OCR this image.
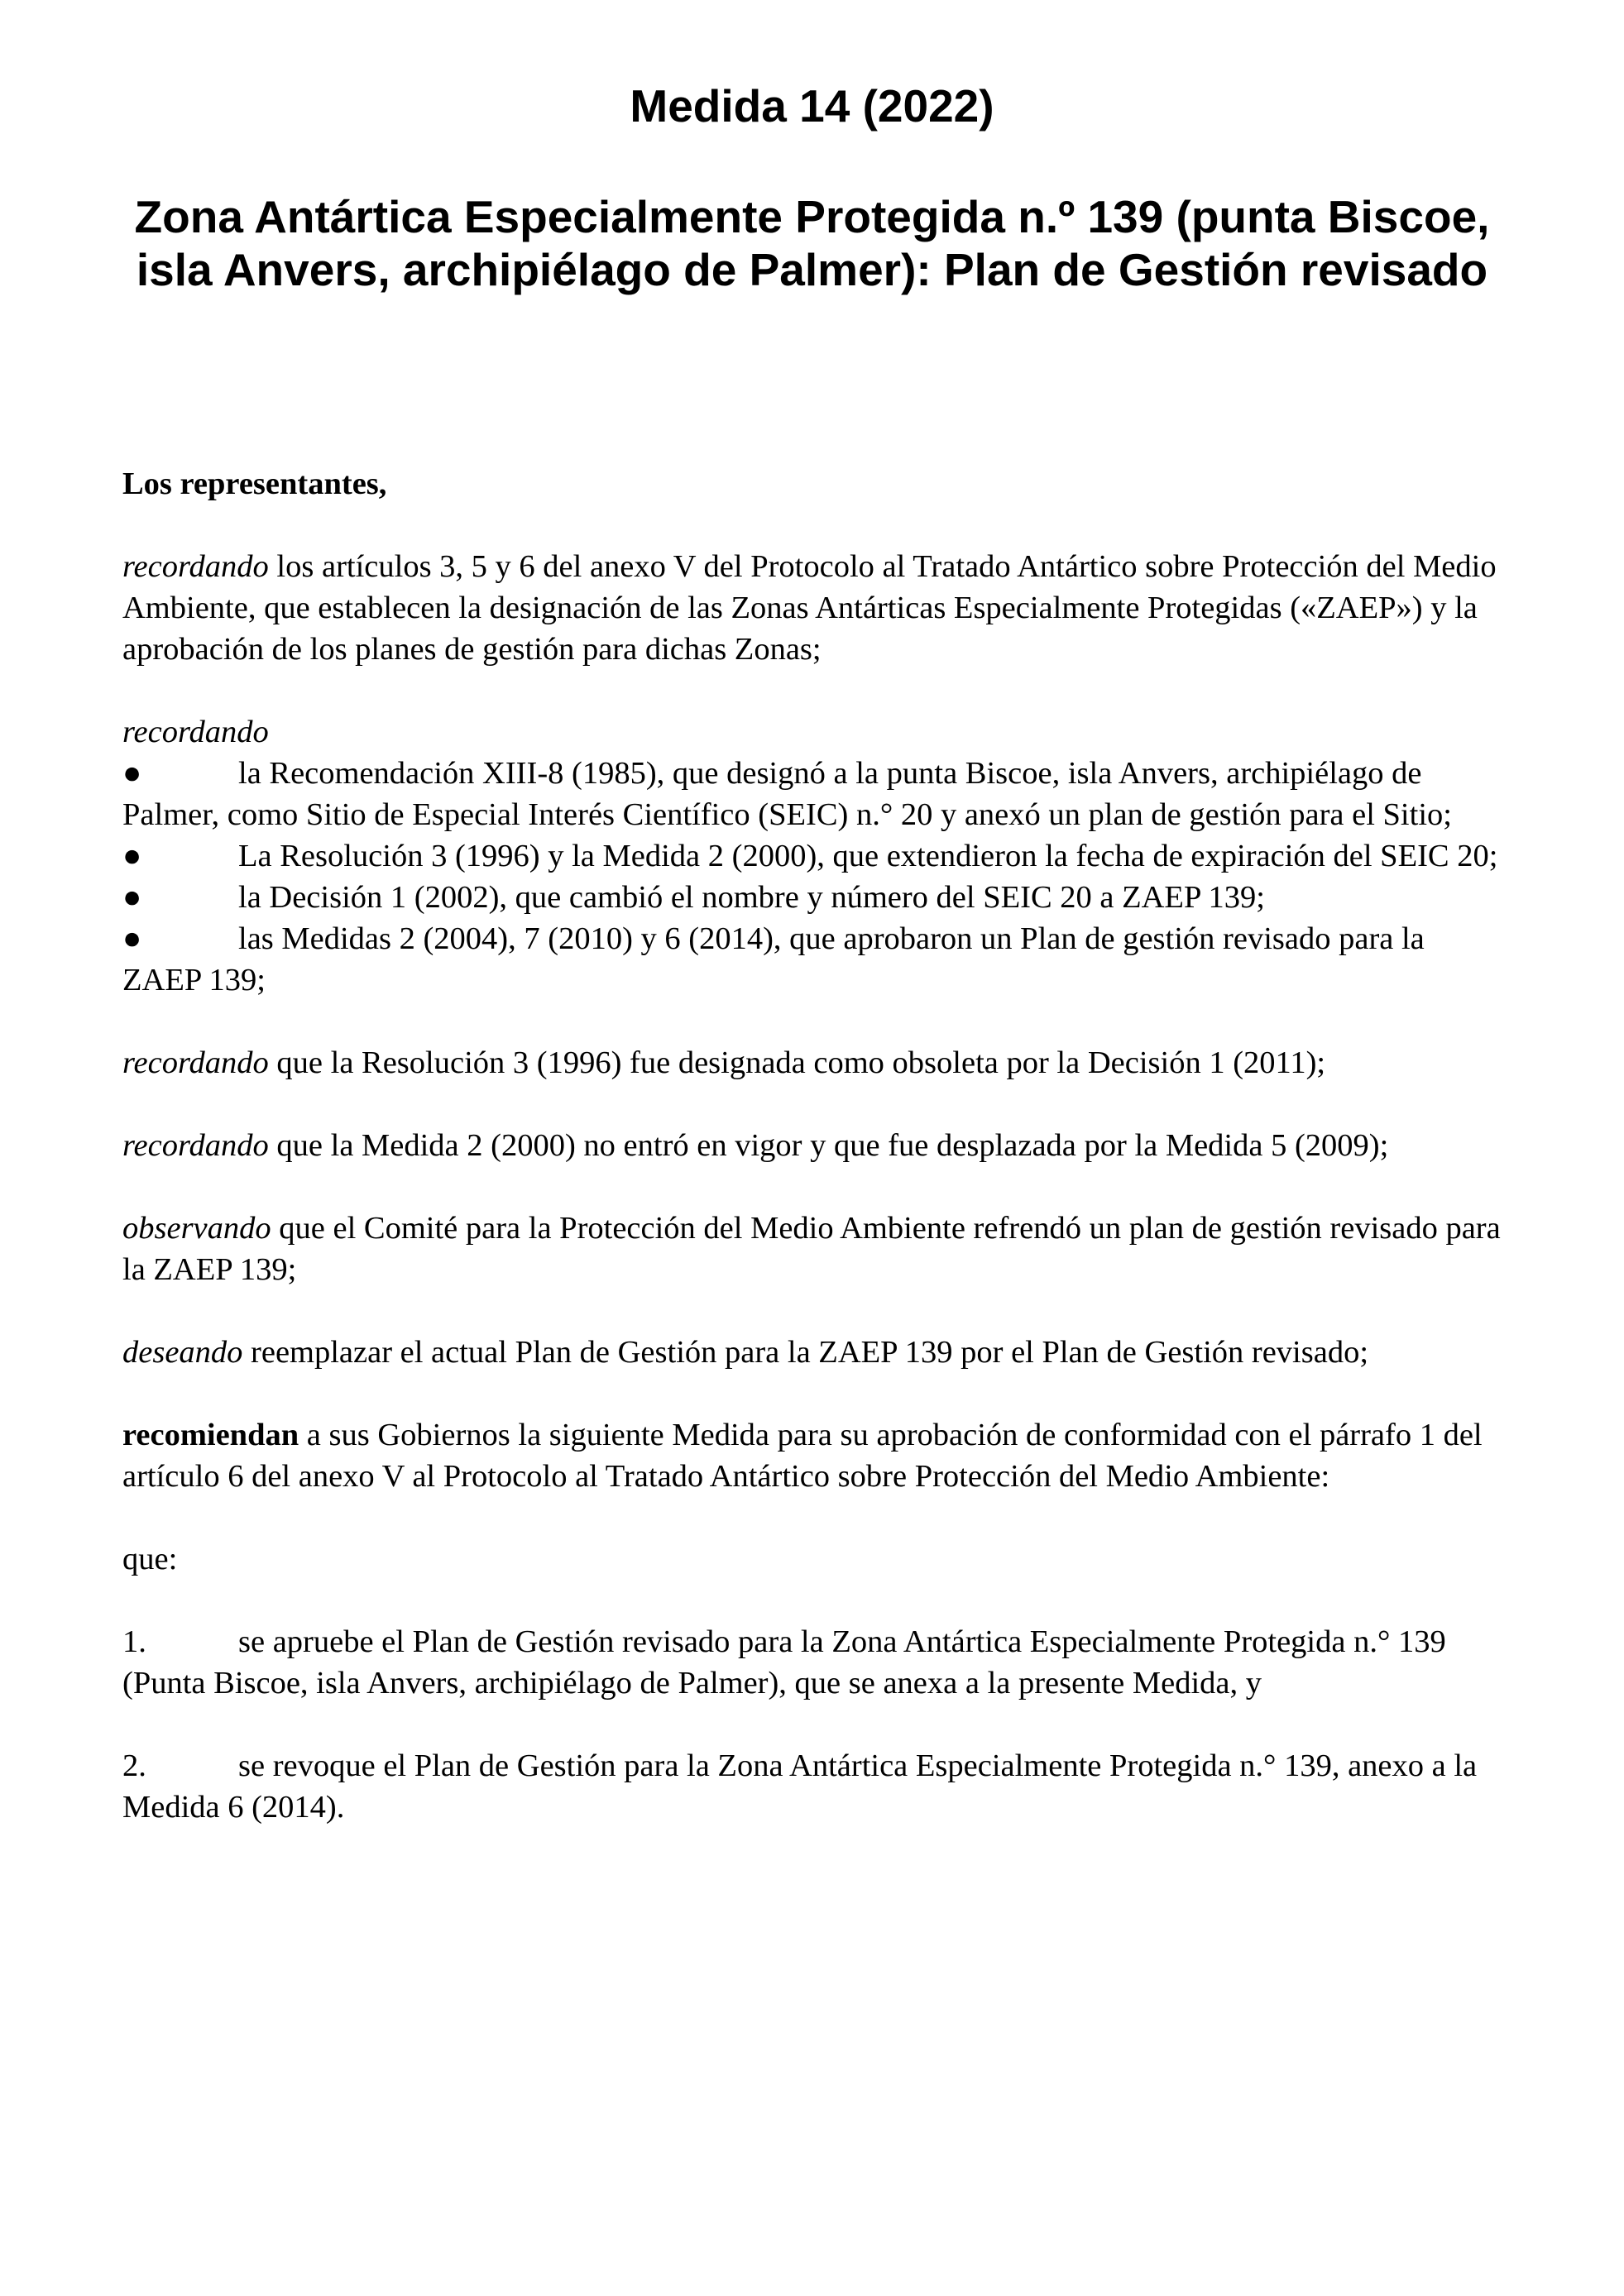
Medida 14 (2022)
Zona Antártica Especialmente Protegida n.º 139 (punta Biscoe, isla Anvers, archipiélago de Palmer): Plan de Gestión revisado

Los representantes,

recordando los artículos 3, 5 y 6 del anexo V del Protocolo al Tratado Antártico sobre Protección del Medio Ambiente, que establecen la designación de las Zonas Antárticas Especialmente Protegidas («ZAEP») y la aprobación de los planes de gestión para dichas Zonas;

recordando
●	la Recomendación XIII-8 (1985), que designó a la punta Biscoe, isla Anvers, archipiélago de Palmer, como Sitio de Especial Interés Científico (SEIC) n.° 20 y anexó un plan de gestión para el Sitio;
●	La Resolución 3 (1996) y la Medida 2 (2000), que extendieron la fecha de expiración del SEIC 20;
●	la Decisión 1 (2002), que cambió el nombre y número del SEIC 20 a ZAEP 139;
●	las Medidas 2 (2004), 7 (2010) y 6 (2014), que aprobaron un Plan de gestión revisado para la ZAEP 139;

recordando que la Resolución 3 (1996) fue designada como obsoleta por la Decisión 1 (2011);

recordando que la Medida 2 (2000) no entró en vigor y que fue desplazada por la Medida 5 (2009);

observando que el Comité para la Protección del Medio Ambiente refrendó un plan de gestión revisado para la ZAEP 139;

deseando reemplazar el actual Plan de Gestión para la ZAEP 139 por el Plan de Gestión revisado;

recomiendan a sus Gobiernos la siguiente Medida para su aprobación de conformidad con el párrafo 1 del artículo 6 del anexo V al Protocolo al Tratado Antártico sobre Protección del Medio Ambiente:

que:

1.	se apruebe el Plan de Gestión revisado para la Zona Antártica Especialmente Protegida n.° 139 (Punta Biscoe, isla Anvers, archipiélago de Palmer), que se anexa a la presente Medida, y

2.	se revoque el Plan de Gestión para la Zona Antártica Especialmente Protegida n.° 139, anexo a la Medida 6 (2014).
